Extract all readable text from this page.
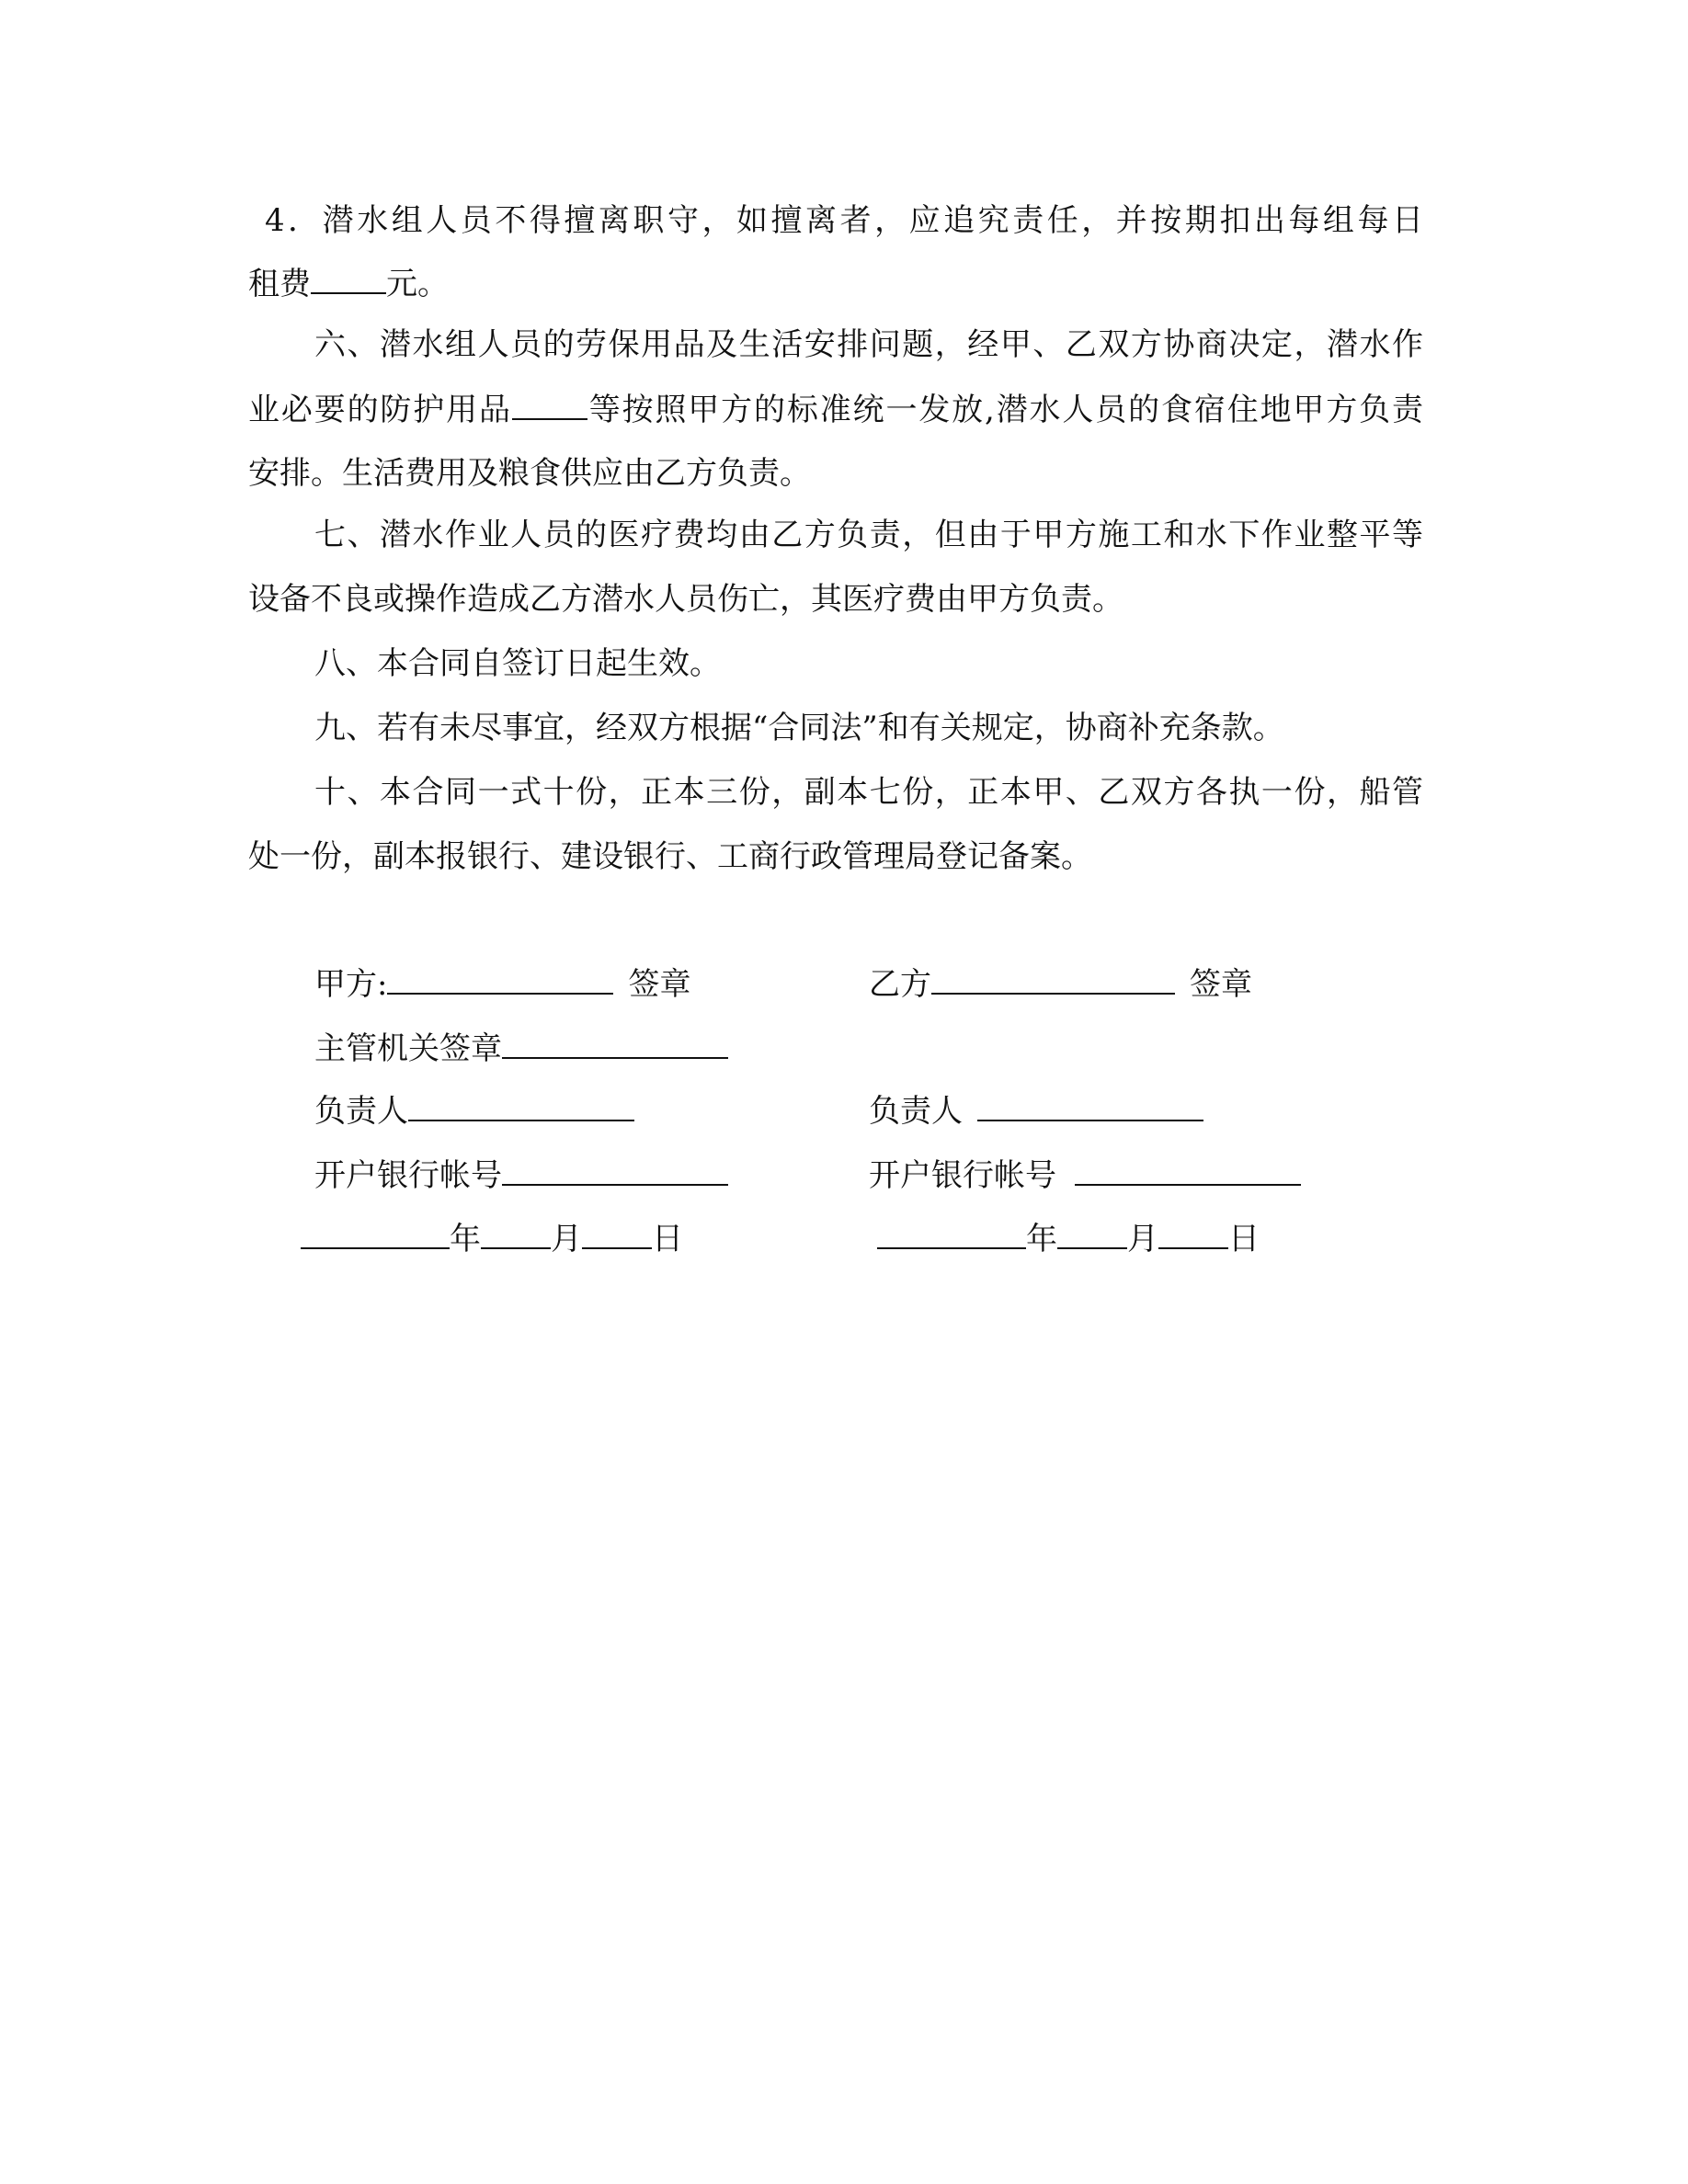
4．潜水组人员不得擅离职守，如擅离者，应追究责任，并按期扣出每组每日
租费 元。
六、潜水组人员的劳保用品及生活安排问题，经甲、乙双方协商决定，潜水作
业必要的防护用品 等按照甲方的标准统一发放,潜水人员的食宿住地甲方负责
安排。生活费用及粮食供应由乙方负责。
七、潜水作业人员的医疗费均由乙方负责，但由于甲方施工和水下作业整平等
设备不良或操作造成乙方潜水人员伤亡，其医疗费由甲方负责。
八、本合同自签订日起生效。
九、若有未尽事宜，经双方根据“合同法”和有关规定，协商补充条款。
十、本合同一式十份，正本三份，副本七份，正本甲、乙双方各执一份，船管
处一份，副本报银行、建设银行、工商行政管理局登记备案。
甲方:	签章	乙方	签章
主管机关签章
负责人	负责人
开户银行帐号	开户银行帐号
年 月 日	年 月 日
